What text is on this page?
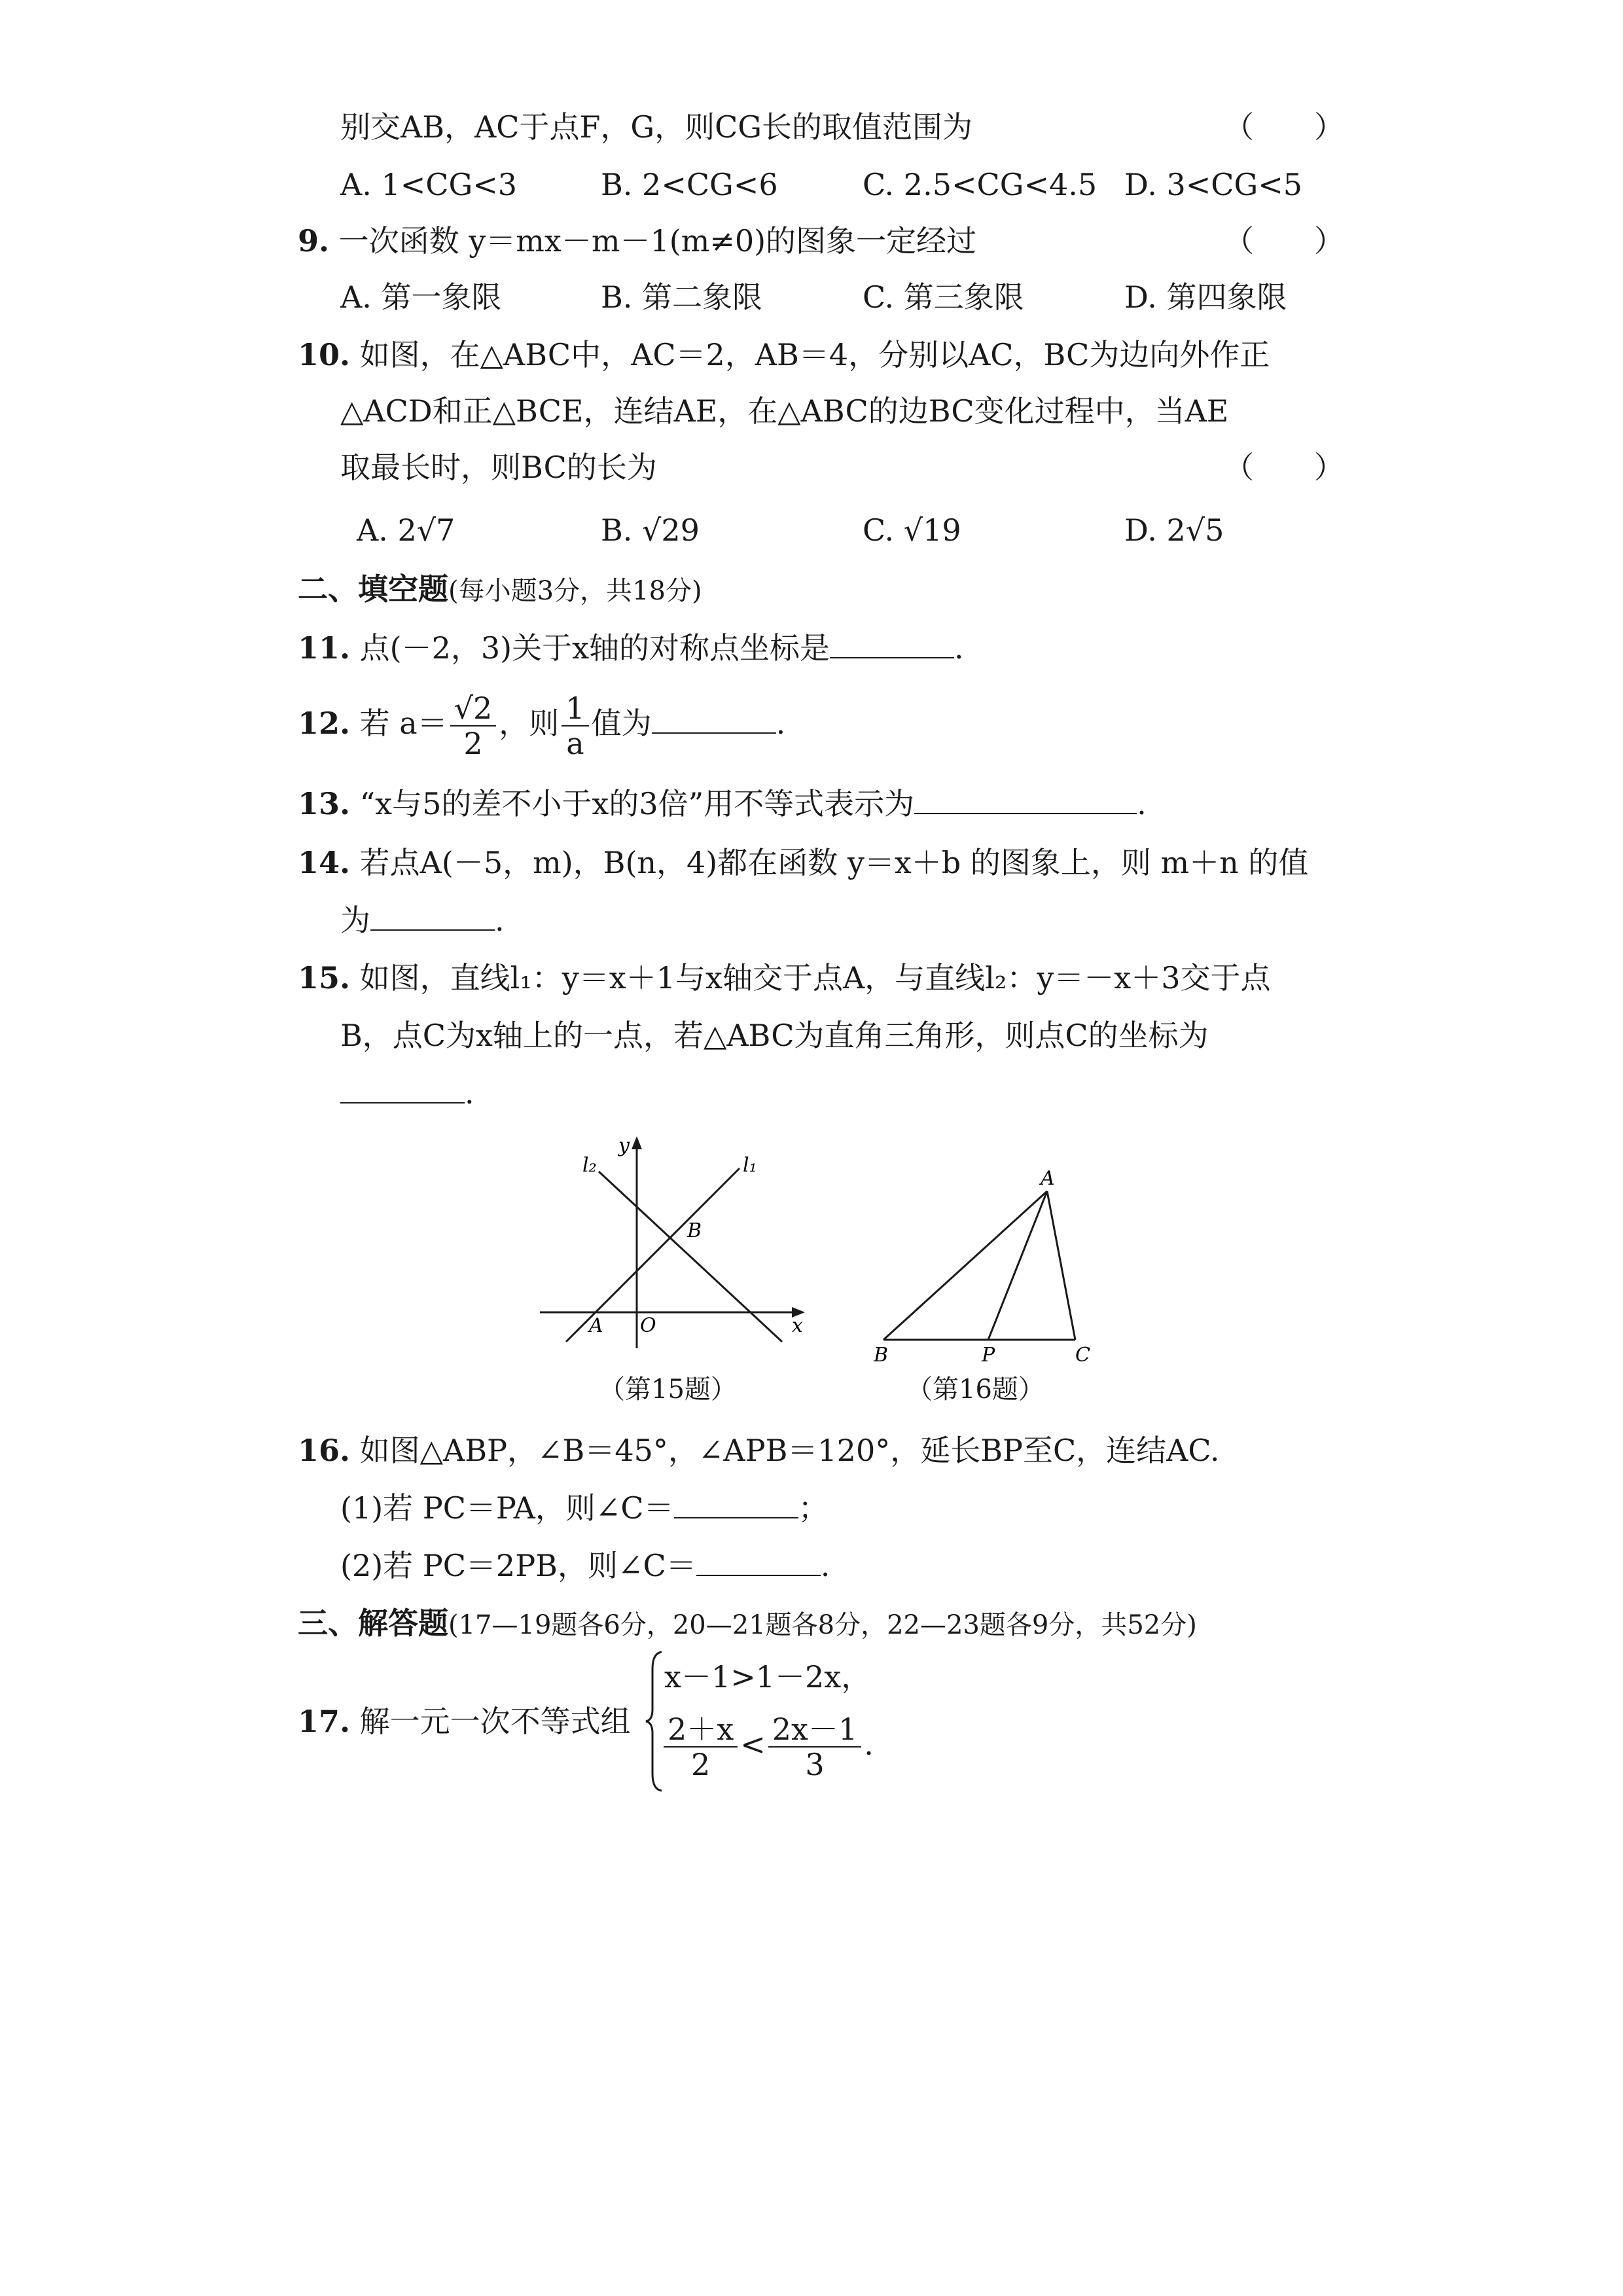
别交AB，AC于点F，G，则CG长的取值范围为	（　　）
A. 1<CG<3	B. 2<CG<6	C. 2.5<CG<4.5 D. 3<CG<5
9. 一次函数 y＝mx－m－1(m≠0)的图象一定经过	（　　）
A. 第一象限	B. 第二象限	C. 第三象限	D. 第四象限
10. 如图，在△ABC中，AC＝2，AB＝4，分别以AC，BC为边向外作正
△ACD和正△BCE，连结AE，在△ABC的边BC变化过程中，当AE
取最长时，则BC的长为	（　　）
A. 2√7	B. √29	C. √19	D. 2√5
二、填空题(每小题3分，共18分)
11. 点(－2，3)关于x轴的对称点坐标是	.
12. 若 $a= \frac{√2}{2}$ ，则 $\frac{1}{a}$ 值为	.
13. “x与5的差不小于x的3倍”用不等式表示为	.
14. 若点A(－5，m)，B(n，4)都在函数 y＝x＋b 的图象上，则 m＋n 的值
为	.
15. 如图，直线l₁：y＝x＋1与x轴交于点A，与直线l₂：y＝－x＋3交于点
B，点C为x轴上的一点，若△ABC为直角三角形，则点C的坐标为
.
y
x
O
A
B
l₁
l₂
（第15题）
A
B	P	C
（第16题）
16. 如图△ABP，∠B＝45°，∠APB＝120°，延长BP至C，连结AC.
(1)若 PC＝PA，则∠C＝	；
(2)若 PC＝2PB，则∠C＝	.
三、解答题(17—19题各6分，20—21题各8分，22—23题各9分，共52分)
17. 解一元一次不等式组
x－1>1－2x，
$\frac{2+x}{2} < \frac{2x-1}{3}$ .
